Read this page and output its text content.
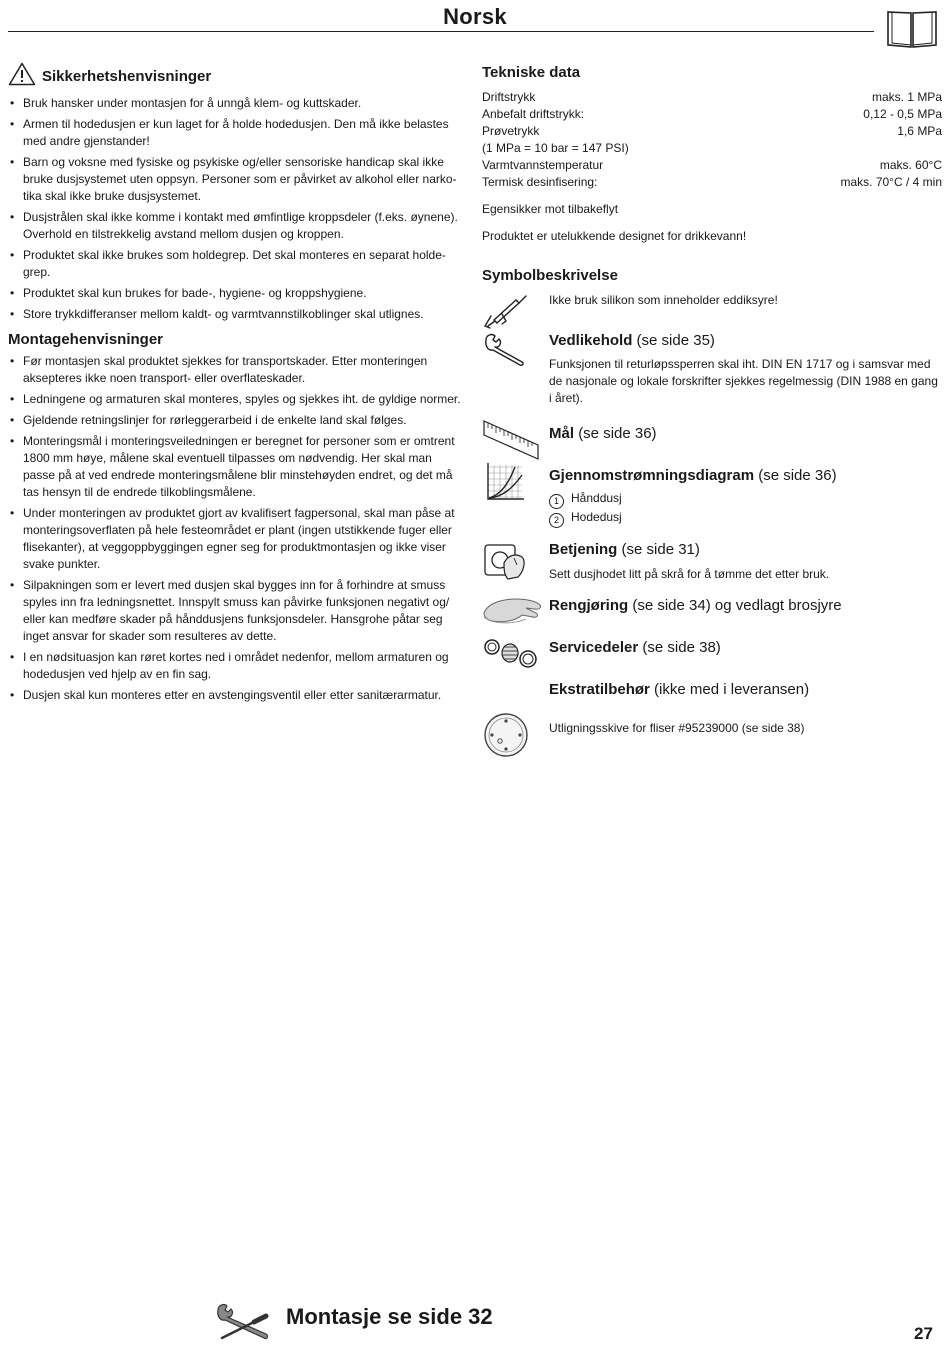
Norsk
Sikkerhetshenvisninger
• Bruk hansker under montasjen for å unngå klem- og kuttskader.
• Armen til hodedusjen er kun laget for å holde hodedusjen. Den må ikke belastes med andre gjenstander!
• Barn og voksne med fysiske og psykiske og/eller sensoriske handicap skal ikke bruke dusjsystemet uten oppsyn. Personer som er påvirket av alkohol eller narko-tika skal ikke bruke dusjsystemet.
• Dusjstrålen skal ikke komme i kontakt med ømfintlige kroppsdeler (f.eks. øynene). Overhold en tilstrekkelig avstand mellom dusjen og kroppen.
• Produktet skal ikke brukes som holdegrep. Det skal monteres en separat holde-grep.
• Produktet skal kun brukes for bade-, hygiene- og kroppshygiene.
• Store trykkdifferanser mellom kaldt- og varmtvannstilkoblinger skal utlignes.
Montagehenvisninger
• Før montasjen skal produktet sjekkes for transportskader. Etter monteringen aksepteres ikke noen transport- eller overflateskader.
• Ledningene og armaturen skal monteres, spyles og sjekkes iht. de gyldige normer.
• Gjeldende retningslinjer for rørleggerarbeid i de enkelte land skal følges.
• Monteringsmål i monteringsveiledningen er beregnet for personer som er omtrent 1800 mm høye, målene skal eventuell tilpasses om nødvendig. Her skal man passe på at ved endrede monteringsmålene blir minstehøyden endret, og det må tas hensyn til de endrede tilkoblingsmålene.
• Under monteringen av produktet gjort av kvalifisert fagpersonal, skal man påse at monteringsoverflaten på hele festeområdet er plant (ingen utstikkende fuger eller flisekanter), at veggoppbyggingen egner seg for produktmontasjen og ikke viser svake punkter.
• Silpakningen som er levert med dusjen skal bygges inn for å forhindre at smuss spyles inn fra ledningsnettet. Innspylt smuss kan påvirke funksjonen negativt og/ eller kan medføre skader på hånddusjens funksjonsdeler. Hansgrohe påtar seg inget ansvar for skader som resulteres av dette.
• I en nødsituasjon kan røret kortes ned i området nedenfor, mellom armaturen og hodedusjen ved hjelp av en fin sag.
• Dusjen skal kun monteres etter en avstengingsventil eller etter sanitærarmatur.
Tekniske data
Driftstrykk	maks. 1 MPa
Anbefalt driftstrykk:	0,12 - 0,5 MPa
Prøvetrykk	1,6 MPa
(1 MPa = 10 bar = 147 PSI)	
Varmtvannstemperatur	maks. 60°C
Termisk desinfisering:	maks. 70°C / 4 min

Egensikker mot tilbakeflyt

Produktet er utelukkende designet for drikkevann!

Symbolbeskrivelse

Ikke bruk silikon som inneholder eddiksyre!

Vedlikehold (se side 35)

Funksjonen til returløpssperren skal iht. DIN EN 1717 og i samsvar med de nasjonale og lokale forskrifter sjekkes regelmessig (DIN 1988 en gang i året).

Mål (se side 36)
Gjennomstrømningsdiagram (se side 36)
1 Hånddusj
2 Hodedusj
Betjening (se side 31)

Sett dusjhodet litt på skrå for å tømme det etter bruk.

Rengjøring (se side 34) og vedlagt brosjyre
Servicedeler (se side 38)
Ekstratilbehør (ikke med i leveransen)

Utligningsskive for fliser #95239000 (se side 38)

Montasje se side 32
27
